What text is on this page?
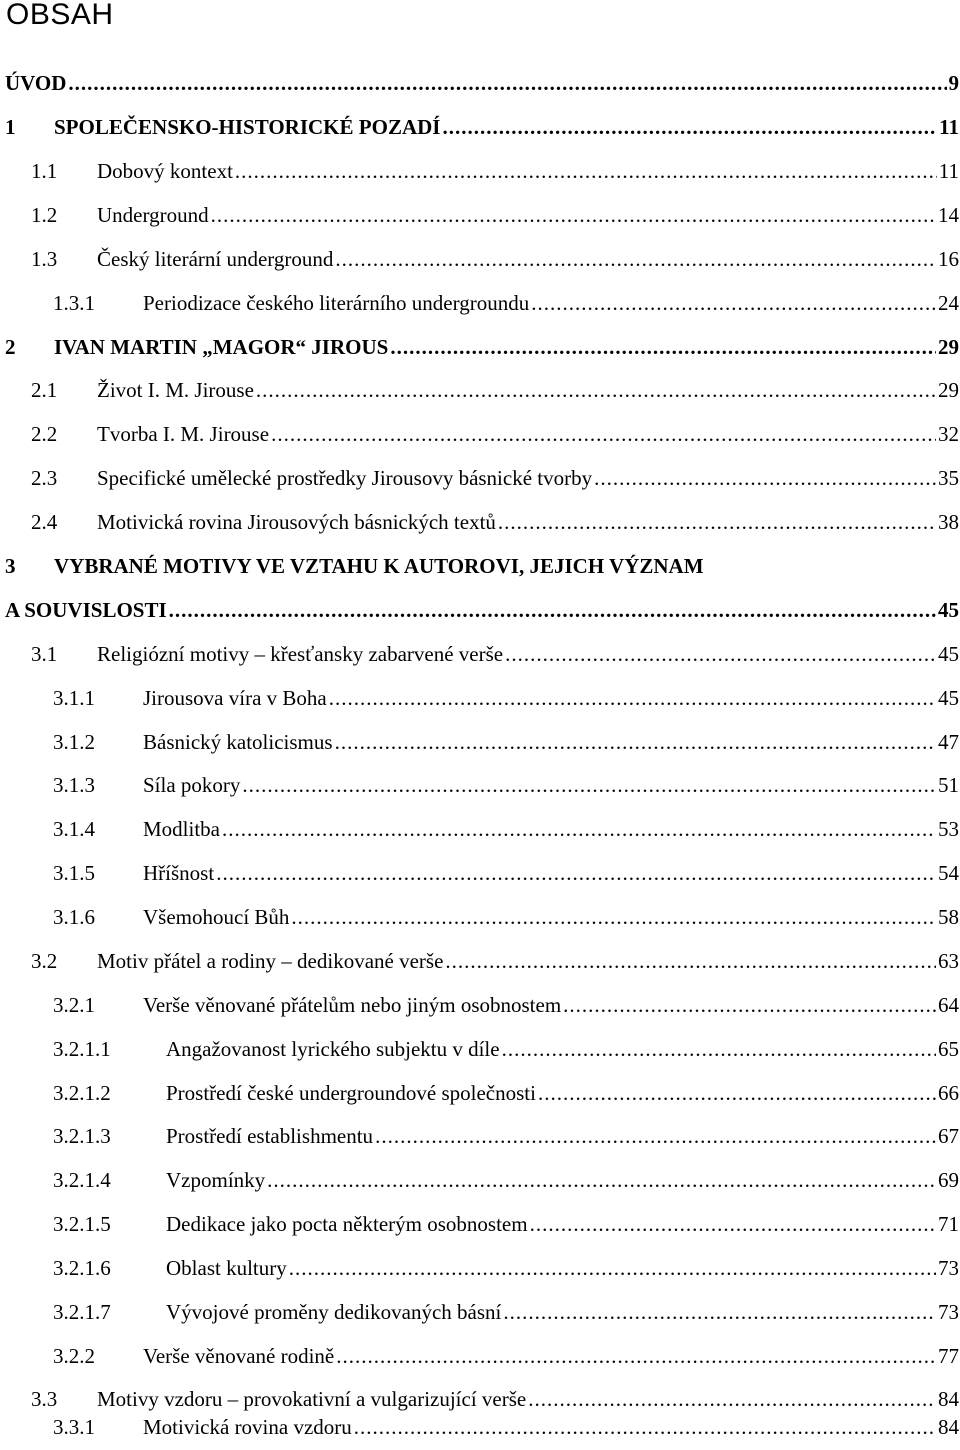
OBSAH
ÚVOD .....	9
1	SPOLEČENSKO-HISTORICKÉ POZADÍ .....	11
1.1	Dobový kontext .....	11
1.2	Underground .....	14
1.3	Český literární underground .....	16
1.3.1	Periodizace českého literárního undergroundu .....	24
2	IVAN MARTIN „MAGOR“ JIROUS .....	29
2.1	Život I. M. Jirouse .....	29
2.2	Tvorba I. M. Jirouse .....	32
2.3	Specifické umělecké prostředky Jirousovy básnické tvorby .....	35
2.4	Motivická rovina Jirousových básnických textů .....	38
3	VYBRANÉ MOTIVY VE VZTAHU K AUTOROVI, JEJICH VÝZNAM
A SOUVISLOSTI .....	45
3.1	Religiózní motivy – křesťansky zabarvené verše .....	45
3.1.1	Jirousova víra v Boha .....	45
3.1.2	Básnický katolicismus .....	47
3.1.3	Síla pokory .....	51
3.1.4	Modlitba .....	53
3.1.5	Hříšnost .....	54
3.1.6	Všemohoucí Bůh .....	58
3.2	Motiv přátel a rodiny – dedikované verše .....	63
3.2.1	Verše věnované přátelům nebo jiným osobnostem .....	64
3.2.1.1	Angažovanost lyrického subjektu v díle .....	65
3.2.1.2	Prostředí české undergroundové společnosti .....	66
3.2.1.3	Prostředí establishmentu .....	67
3.2.1.4	Vzpomínky .....	69
3.2.1.5	Dedikace jako pocta některým osobnostem .....	71
3.2.1.6	Oblast kultury .....	73
3.2.1.7	Vývojové proměny dedikovaných básní .....	73
3.2.2	Verše věnované rodině .....	77
3.3	Motivy vzdoru – provokativní a vulgarizující verše .....	84
3.3.1	Motivická rovina vzdoru .....	84
